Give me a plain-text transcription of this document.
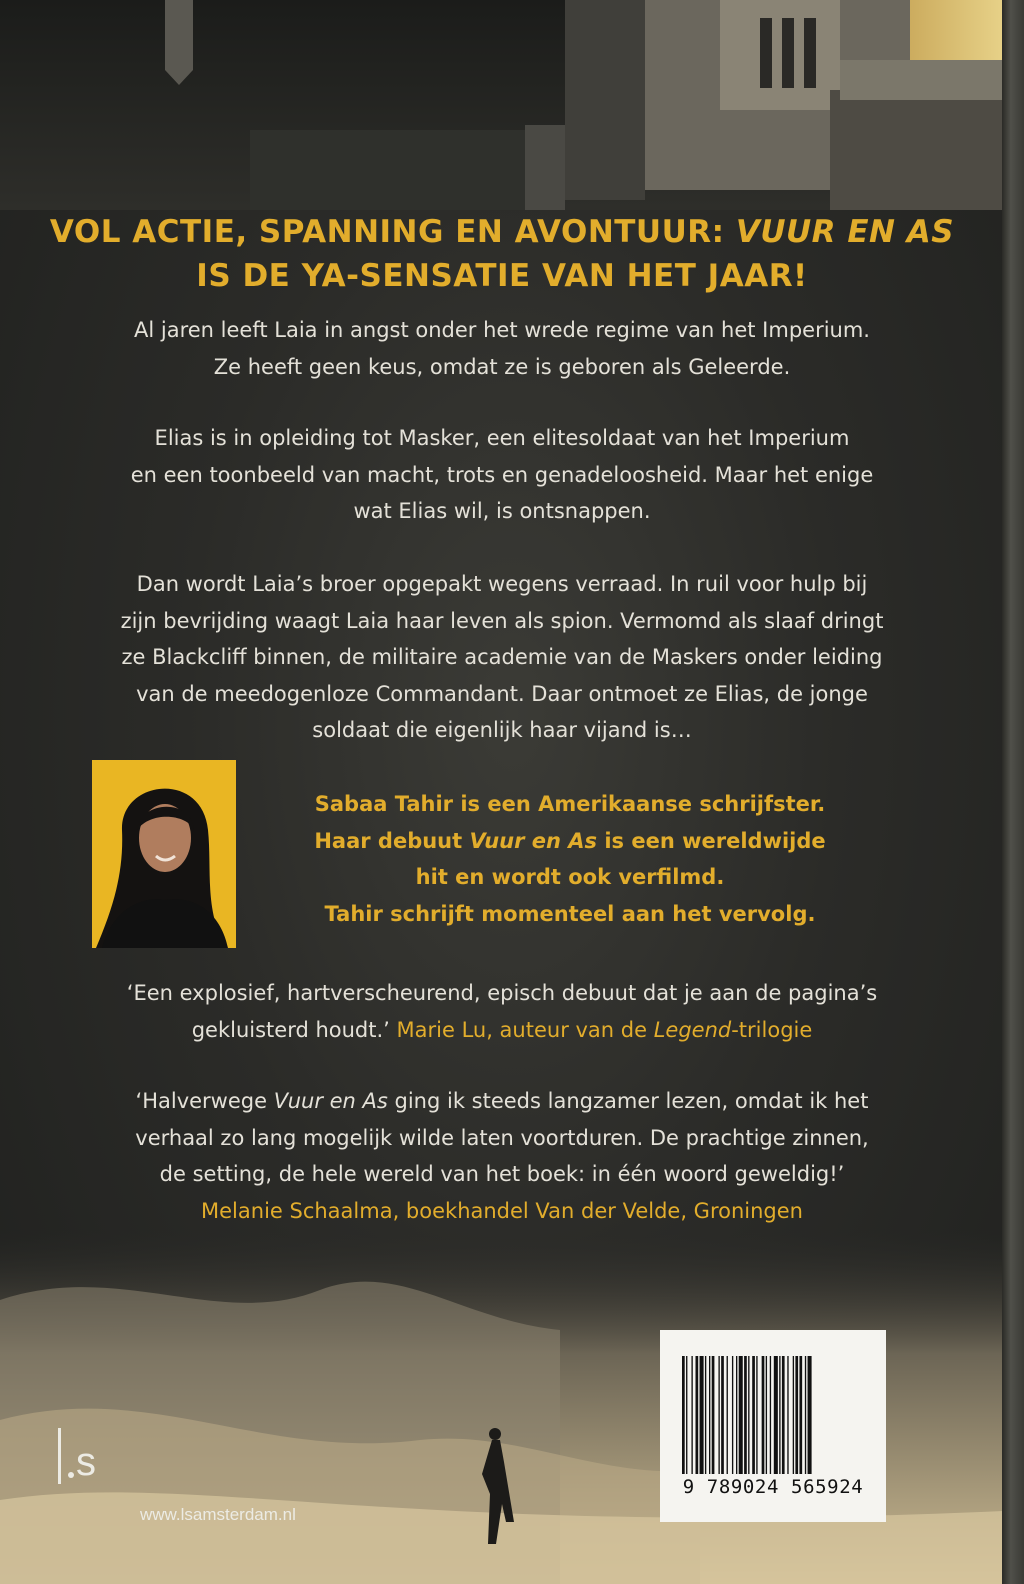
VOL ACTIE, SPANNING EN AVONTUUR: VUUR EN AS
IS DE YA-SENSATIE VAN HET JAAR!
Al jaren leeft Laia in angst onder het wrede regime van het Imperium.
Ze heeft geen keus, omdat ze is geboren als Geleerde.
Elias is in opleiding tot Masker, een elitesoldaat van het Imperium
en een toonbeeld van macht, trots en genadeloosheid. Maar het enige
wat Elias wil, is ontsnappen.
Dan wordt Laia’s broer opgepakt wegens verraad. In ruil voor hulp bij
zijn bevrijding waagt Laia haar leven als spion. Vermomd als slaaf dringt
ze Blackcliff binnen, de militaire academie van de Maskers onder leiding
van de meedogenloze Commandant. Daar ontmoet ze Elias, de jonge
soldaat die eigenlijk haar vijand is…
Sabaa Tahir is een Amerikaanse schrijfster.
Haar debuut Vuur en As is een wereldwijde
hit en wordt ook verfilmd.
Tahir schrijft momenteel aan het vervolg.
‘Een explosief, hartverscheurend, episch debuut dat je aan de pagina’s
gekluisterd houdt.’ Marie Lu, auteur van de Legend-trilogie
‘Halverwege Vuur en As ging ik steeds langzamer lezen, omdat ik het
verhaal zo lang mogelijk wilde laten voortduren. De prachtige zinnen,
de setting, de hele wereld van het boek: in één woord geweldig!’
Melanie Schaalma, boekhandel Van der Velde, Groningen
9 789024 565924
s
www.lsamsterdam.nl
